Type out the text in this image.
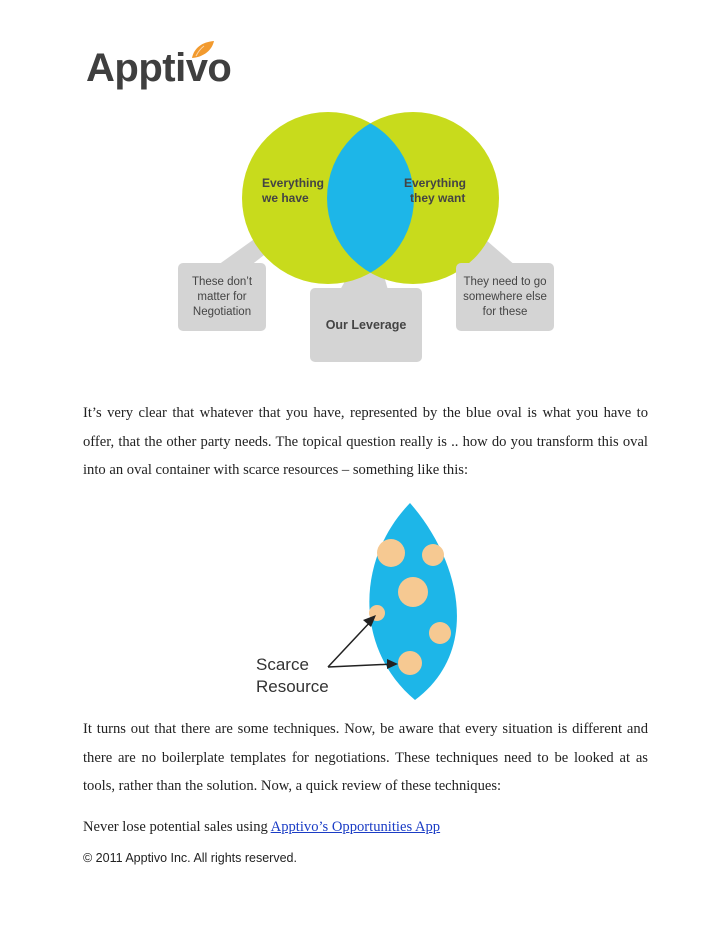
Apptivo
Everything
we have
Everything
they want
These don’t
matter for
Negotiation
Our Leverage
They need to go
somewhere else
for these

It’s very clear that whatever that you have, represented by the blue oval is what you have to offer, that the other party needs. The topical question really is .. how do you transform this oval into an oval container with scarce resources – something like this:

Scarce
Resource

It turns out that there are some techniques. Now, be aware that every situation is different and there are no boilerplate templates for negotiations. These techniques need to be looked at as tools, rather than the solution. Now, a quick review of these techniques:

Never lose potential sales using Apptivo’s Opportunities App
© 2011 Apptivo Inc. All rights reserved.
